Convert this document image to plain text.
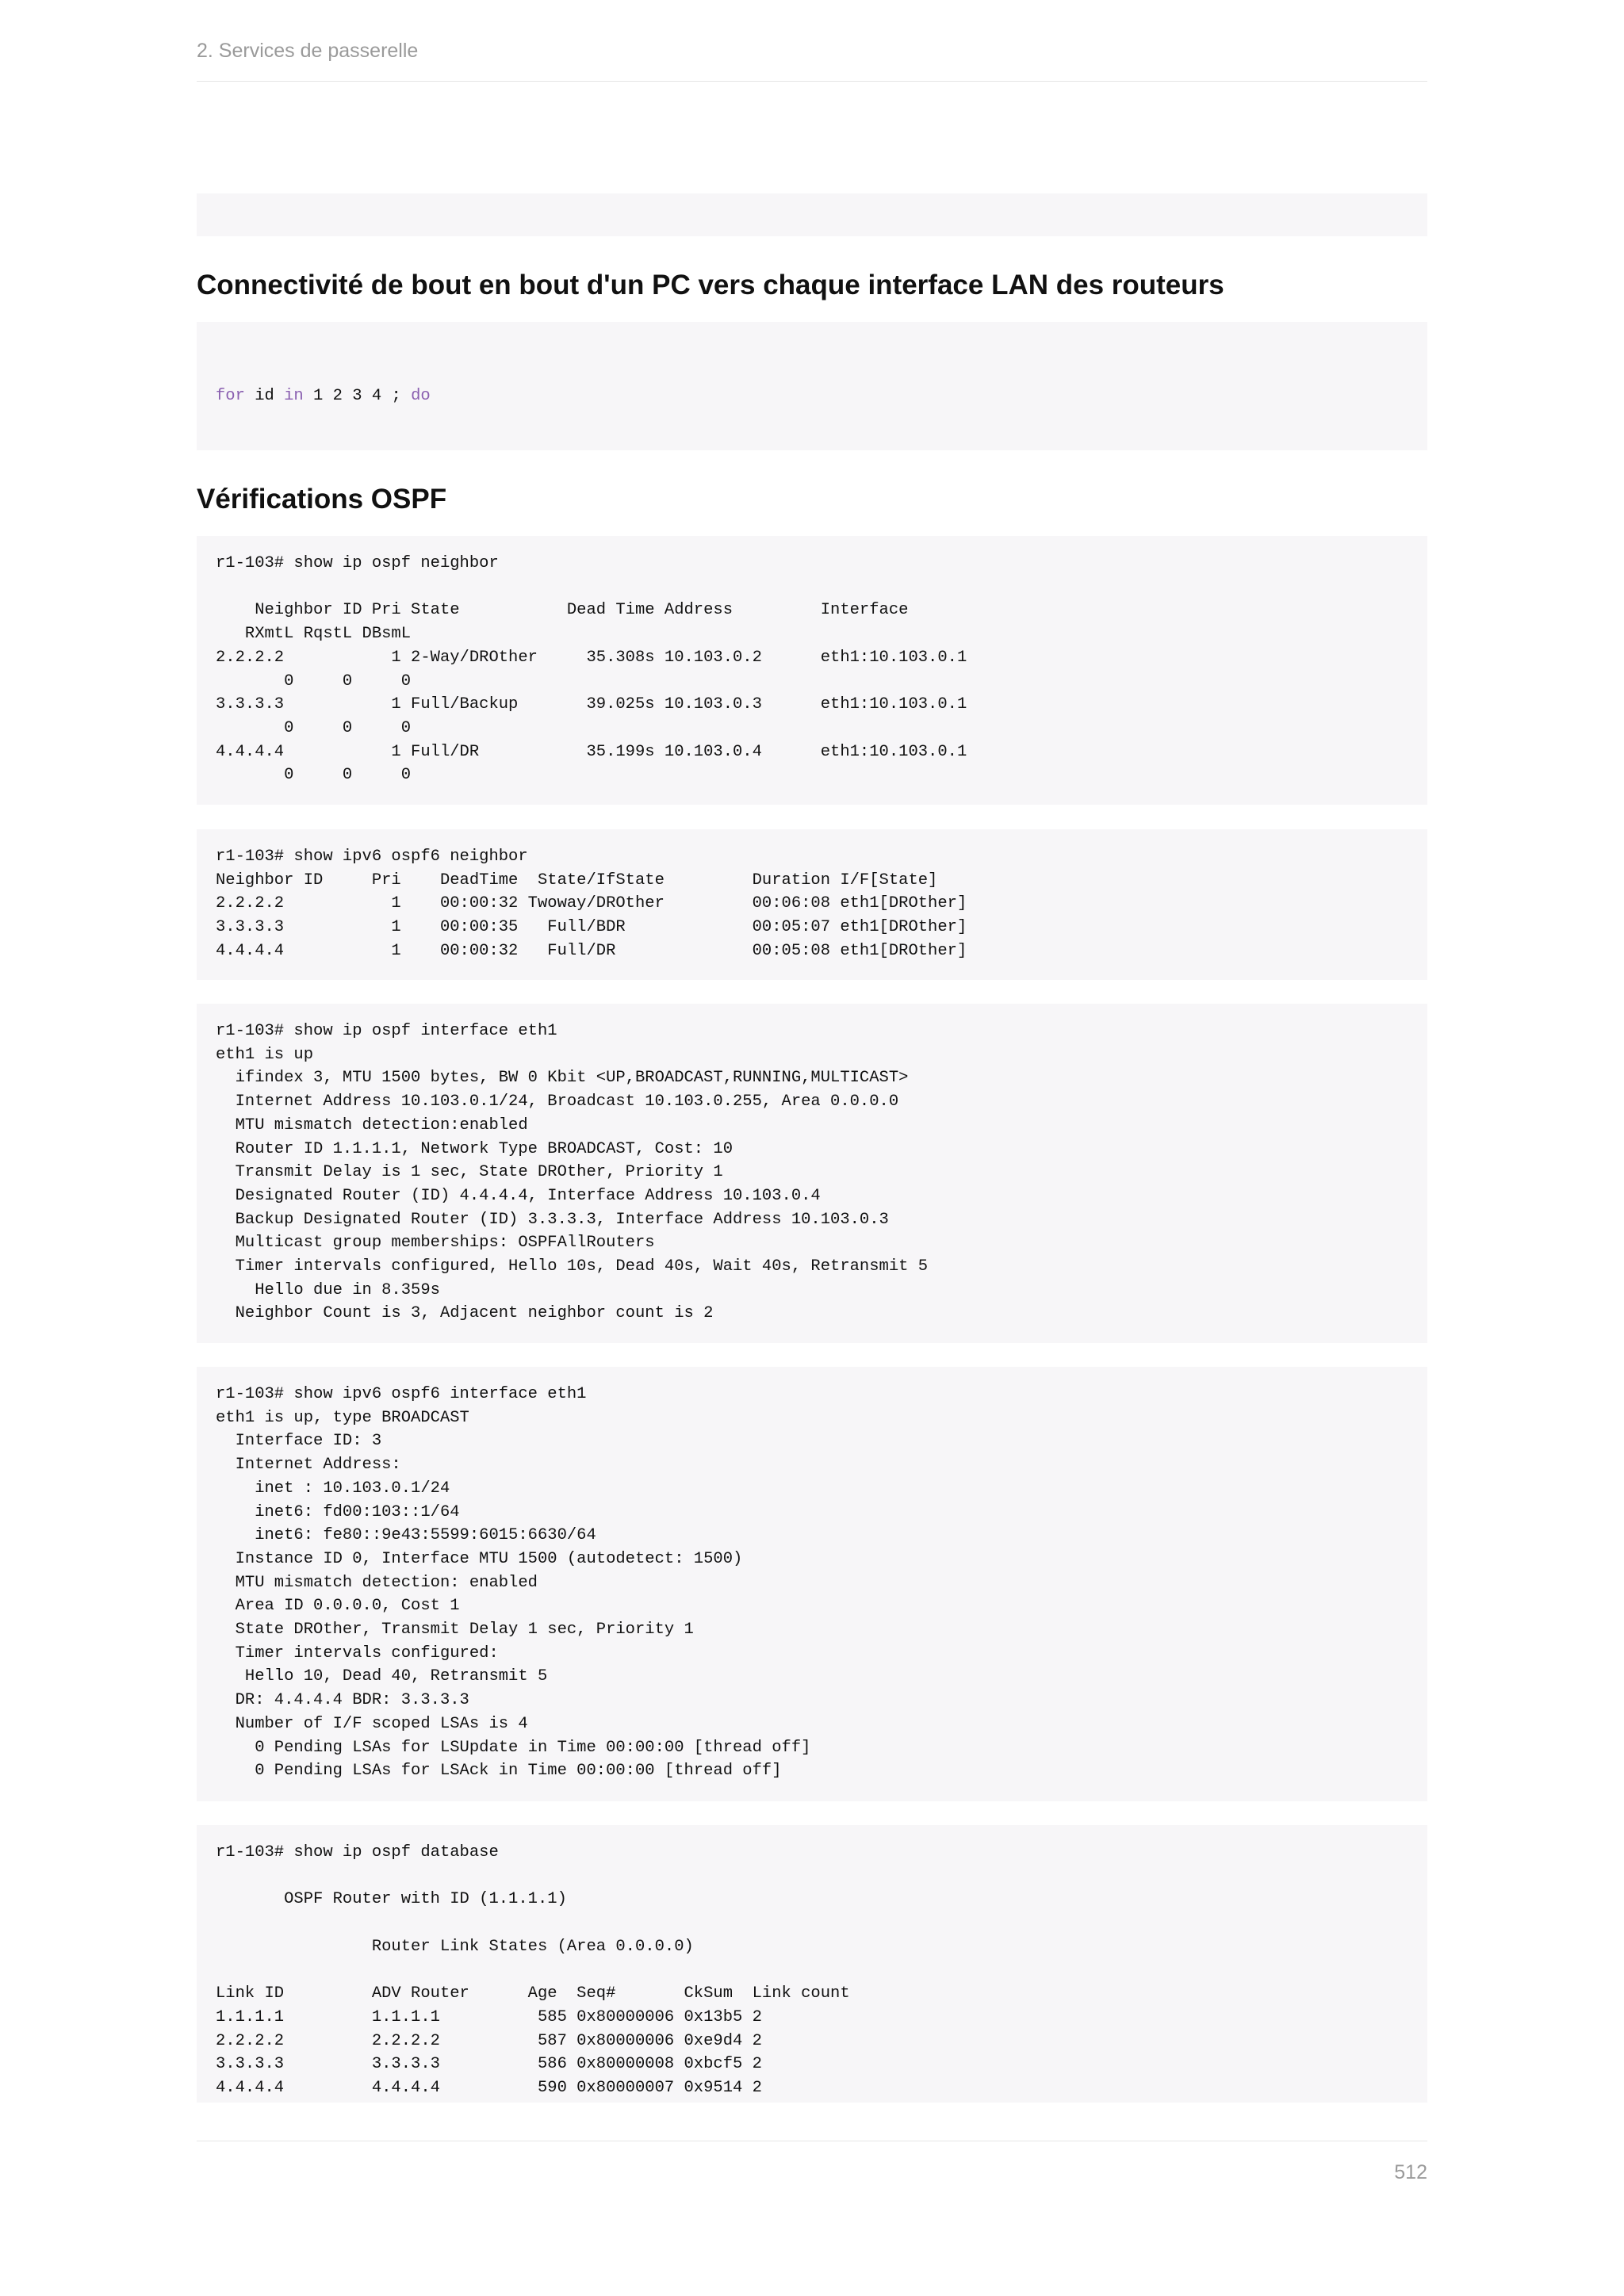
2. Services de passerelle

Connectivité de bout en bout d'un PC vers chaque interface LAN des routeurs

for id in 1 2 3 4 ; do

Vérifications OSPF
r1-103# show ip ospf neighbor
Neighbor ID Pri State           Dead Time Address         Interface
RXmtL RqstL DBsmL
2.2.2.2           1 2-Way/DROther     35.308s 10.103.0.2      eth1:10.103.0.1
0     0     0
3.3.3.3           1 Full/Backup       39.025s 10.103.0.3      eth1:10.103.0.1
0     0     0
4.4.4.4           1 Full/DR           35.199s 10.103.0.4      eth1:10.103.0.1
0     0     0
r1-103# show ipv6 ospf6 neighbor
Neighbor ID     Pri    DeadTime  State/IfState         Duration I/F[State]
2.2.2.2           1    00:00:32 Twoway/DROther         00:06:08 eth1[DROther]
3.3.3.3           1    00:00:35   Full/BDR             00:05:07 eth1[DROther]
4.4.4.4           1    00:00:32   Full/DR              00:05:08 eth1[DROther]
r1-103# show ip ospf interface eth1
eth1 is up
ifindex 3, MTU 1500 bytes, BW 0 Kbit <UP,BROADCAST,RUNNING,MULTICAST>
Internet Address 10.103.0.1/24, Broadcast 10.103.0.255, Area 0.0.0.0
MTU mismatch detection:enabled
Router ID 1.1.1.1, Network Type BROADCAST, Cost: 10
Transmit Delay is 1 sec, State DROther, Priority 1
Designated Router (ID) 4.4.4.4, Interface Address 10.103.0.4
Backup Designated Router (ID) 3.3.3.3, Interface Address 10.103.0.3
Multicast group memberships: OSPFAllRouters
Timer intervals configured, Hello 10s, Dead 40s, Wait 40s, Retransmit 5
Hello due in 8.359s
Neighbor Count is 3, Adjacent neighbor count is 2
r1-103# show ipv6 ospf6 interface eth1
eth1 is up, type BROADCAST
Interface ID: 3
Internet Address:
inet : 10.103.0.1/24
inet6: fd00:103::1/64
inet6: fe80::9e43:5599:6015:6630/64
Instance ID 0, Interface MTU 1500 (autodetect: 1500)
MTU mismatch detection: enabled
Area ID 0.0.0.0, Cost 1
State DROther, Transmit Delay 1 sec, Priority 1
Timer intervals configured:
Hello 10, Dead 40, Retransmit 5
DR: 4.4.4.4 BDR: 3.3.3.3
Number of I/F scoped LSAs is 4
0 Pending LSAs for LSUpdate in Time 00:00:00 [thread off]
0 Pending LSAs for LSAck in Time 00:00:00 [thread off]
r1-103# show ip ospf database
OSPF Router with ID (1.1.1.1)
Router Link States (Area 0.0.0.0)
Link ID         ADV Router      Age  Seq#       CkSum  Link count
1.1.1.1         1.1.1.1          585 0x80000006 0x13b5 2
2.2.2.2         2.2.2.2          587 0x80000006 0xe9d4 2
3.3.3.3         3.3.3.3          586 0x80000008 0xbcf5 2
4.4.4.4         4.4.4.4          590 0x80000007 0x9514 2
512
